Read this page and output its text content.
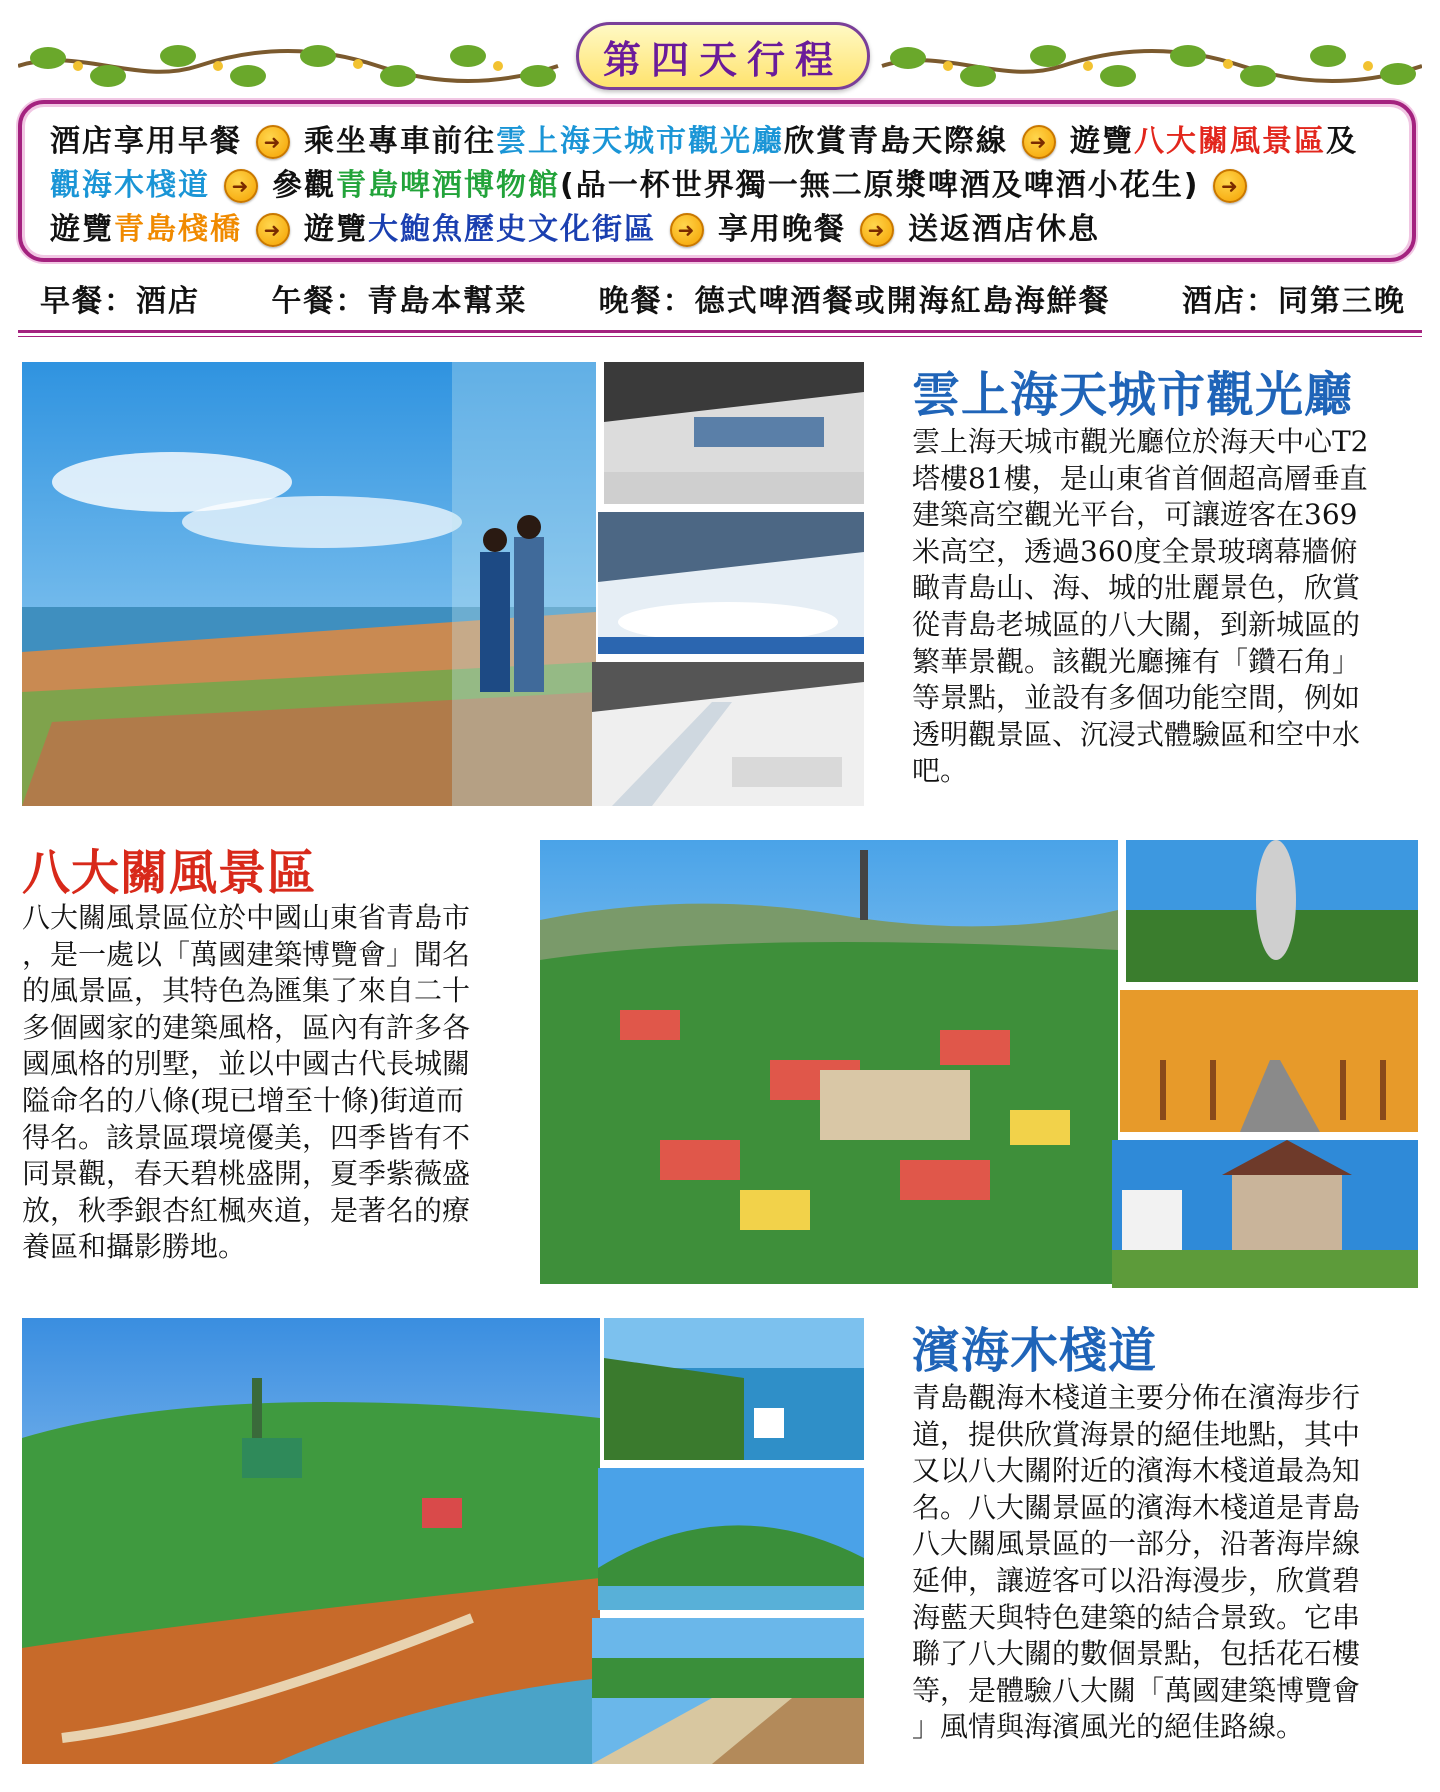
第四天行程
酒店享用早餐	➜ 乘坐專車前往 雲上海天城市觀光廳 欣賞青島天際線	➜ 遊覽 八大關風景區 及
觀海木棧道	➜ 參觀 青島啤酒博物館 (品一杯世界獨一無二原漿啤酒及啤酒小花生)	➜
遊覽 青島棧橋	➜ 遊覽 大鮑魚歷史文化街區	➜ 享用晚餐	➜ 送返酒店休息
早餐：酒店 午餐：青島本幫菜 晚餐：德式啤酒餐或開海紅島海鮮餐 酒店：同第三晚
雲上海天城市觀光廳
雲上海天城市觀光廳位於海天中心T2
塔樓81樓，是山東省首個超高層垂直
建築高空觀光平台，可讓遊客在369
米高空，透過360度全景玻璃幕牆俯
瞰青島山、海、城的壯麗景色，欣賞
從青島老城區的八大關，到新城區的
繁華景觀。該觀光廳擁有「鑽石角」
等景點，並設有多個功能空間，例如
透明觀景區、沉浸式體驗區和空中水
吧。
八大關風景區
八大關風景區位於中國山東省青島市
，是一處以「萬國建築博覽會」聞名
的風景區，其特色為匯集了來自二十
多個國家的建築風格，區內有許多各
國風格的別墅，並以中國古代長城關
隘命名的八條(現已增至十條)街道而
得名。該景區環境優美，四季皆有不
同景觀，春天碧桃盛開，夏季紫薇盛
放，秋季銀杏紅楓夾道，是著名的療
養區和攝影勝地。
濱海木棧道
青島觀海木棧道主要分佈在濱海步行
道，提供欣賞海景的絕佳地點，其中
又以八大關附近的濱海木棧道最為知
名。八大關景區的濱海木棧道是青島
八大關風景區的一部分，沿著海岸線
延伸，讓遊客可以沿海漫步，欣賞碧
海藍天與特色建築的結合景致。它串
聯了八大關的數個景點，包括花石樓
等，是體驗八大關「萬國建築博覽會
」風情與海濱風光的絕佳路線。
